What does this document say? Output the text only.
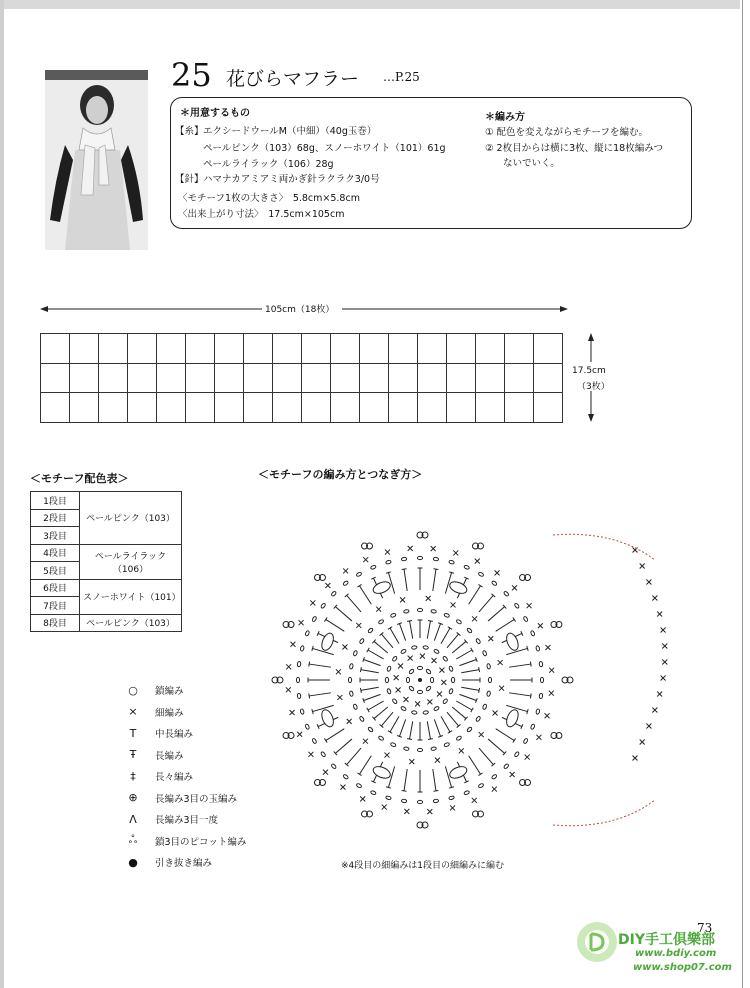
25 花びらマフラー …P.25
＊用意するもの
【糸】 エクシードウールM（中細）（40g玉巻）
ペールピンク（103）68g、スノーホワイト（101）61g
ペールライラック（106）28g
【針】 ハマナカアミアミ両かぎ針ラクラク3/0号
〈モチーフ1枚の大きさ〉　5.8cm×5.8cm
〈出来上がり寸法〉　17.5cm×105cm
＊編み方
① 配色を変えながらモチーフを編む。
② 2枚目からは横に3枚、縦に18枚編みつ
ないでいく。
105cm（18枚）
17.5cm
（3枚）
＜モチーフ配色表＞
1段目	ペールピンク（103）
2段目	
3段目	
4段目	ペールライラック（106）
5段目	
6段目	スノーホワイト（101）
7段目	
8段目	ペールピンク（103）
＜モチーフの編み方とつなぎ方＞
※4段目の細編みは1段目の細編みに編む
○	鎖編み
×	細編み
T	中長編み
Ŧ	長編み
‡	長々編み
⊕	長編み3目の玉編み
Λ	長編み3目一度
ஃ	鎖3目のピコット編み
●	引き抜き編み
73
DIY手工俱樂部
www.bdiy.com
www.shop07.com
